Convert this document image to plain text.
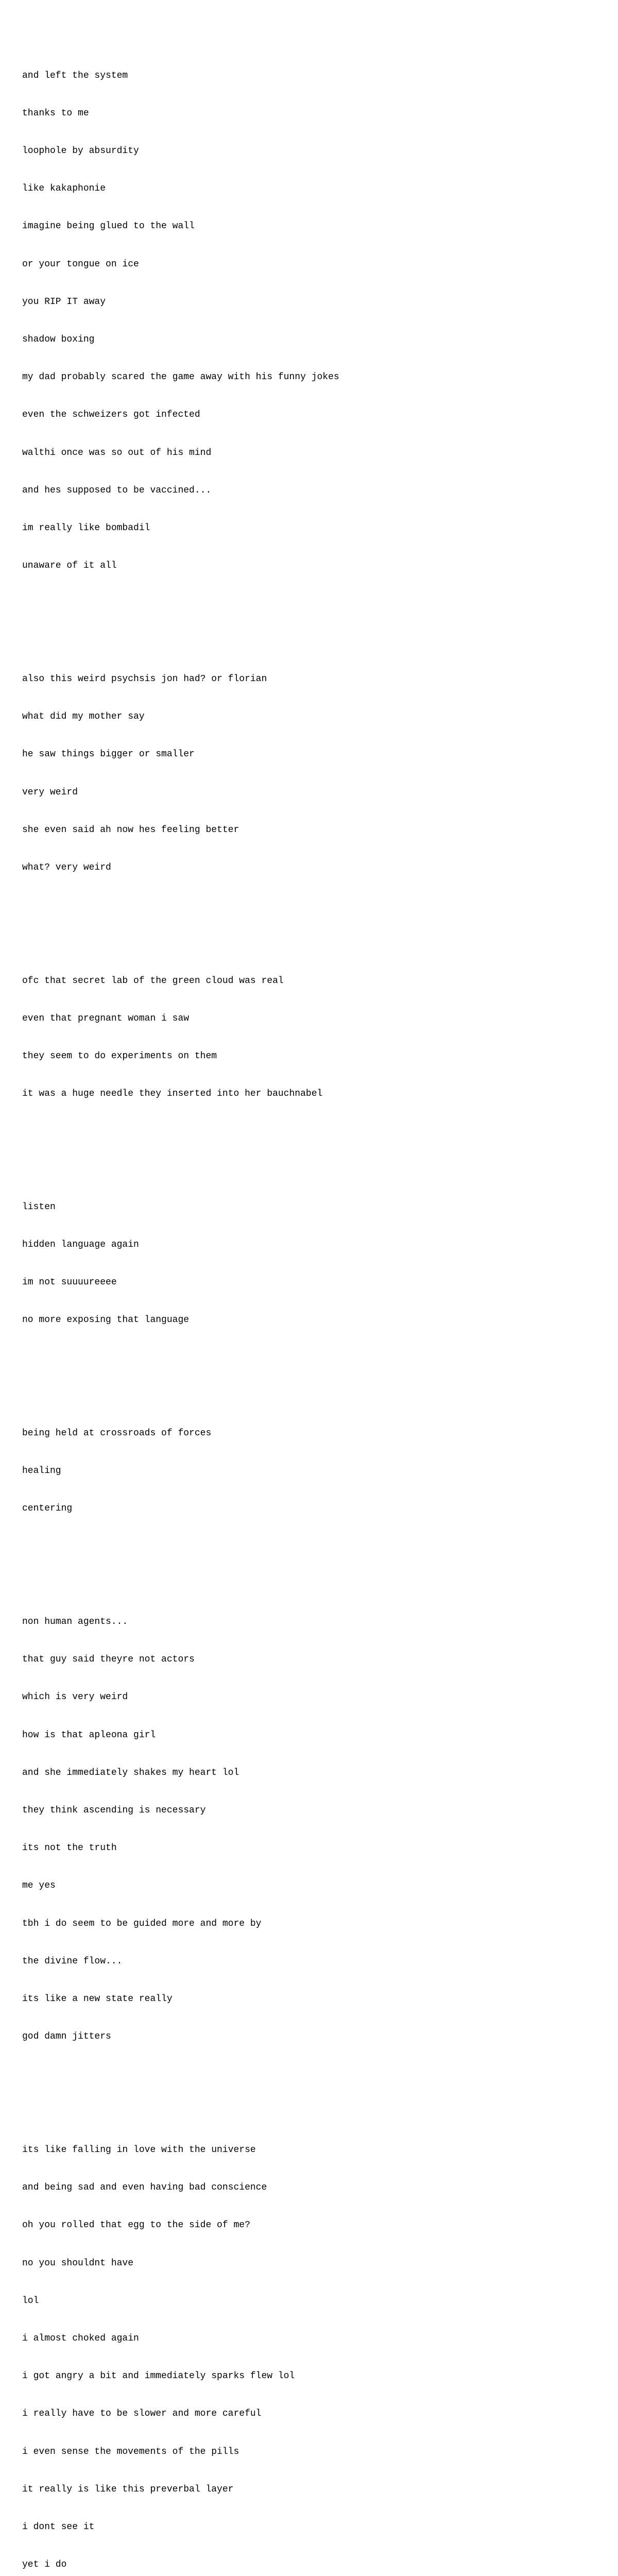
and left the system

thanks to me

loophole by absurdity

like kakaphonie

imagine being glued to the wall

or your tongue on ice

you RIP IT away

shadow boxing

my dad probably scared the game away with his funny jokes

even the schweizers got infected

walthi once was so out of his mind

and hes supposed to be vaccined...

im really like bombadil

unaware of it all

also this weird psychsis jon had? or florian

what did my mother say

he saw things bigger or smaller

very weird

she even said ah now hes feeling better

what? very weird

ofc that secret lab of the green cloud was real

even that pregnant woman i saw

they seem to do experiments on them

it was a huge needle they inserted into her bauchnabel

listen

hidden language again

im not suuuureeee

no more exposing that language

being held at crossroads of forces

healing

centering

non human agents...

that guy said theyre not actors

which is very weird

how is that apleona girl

and she immediately shakes my heart lol

they think ascending is necessary

its not the truth

me yes

tbh i do seem to be guided more and more by

the divine flow...

its like a new state really

god damn jitters

its like falling in love with the universe

and being sad and even having bad conscience

oh you rolled that egg to the side of me?

no you shouldnt have

lol

i almost choked again

i got angry a bit and immediately sparks flew lol

i really have to be slower and more careful

i even sense the movements of the pills

it really is like this preverbal layer

i dont see it

yet i do
